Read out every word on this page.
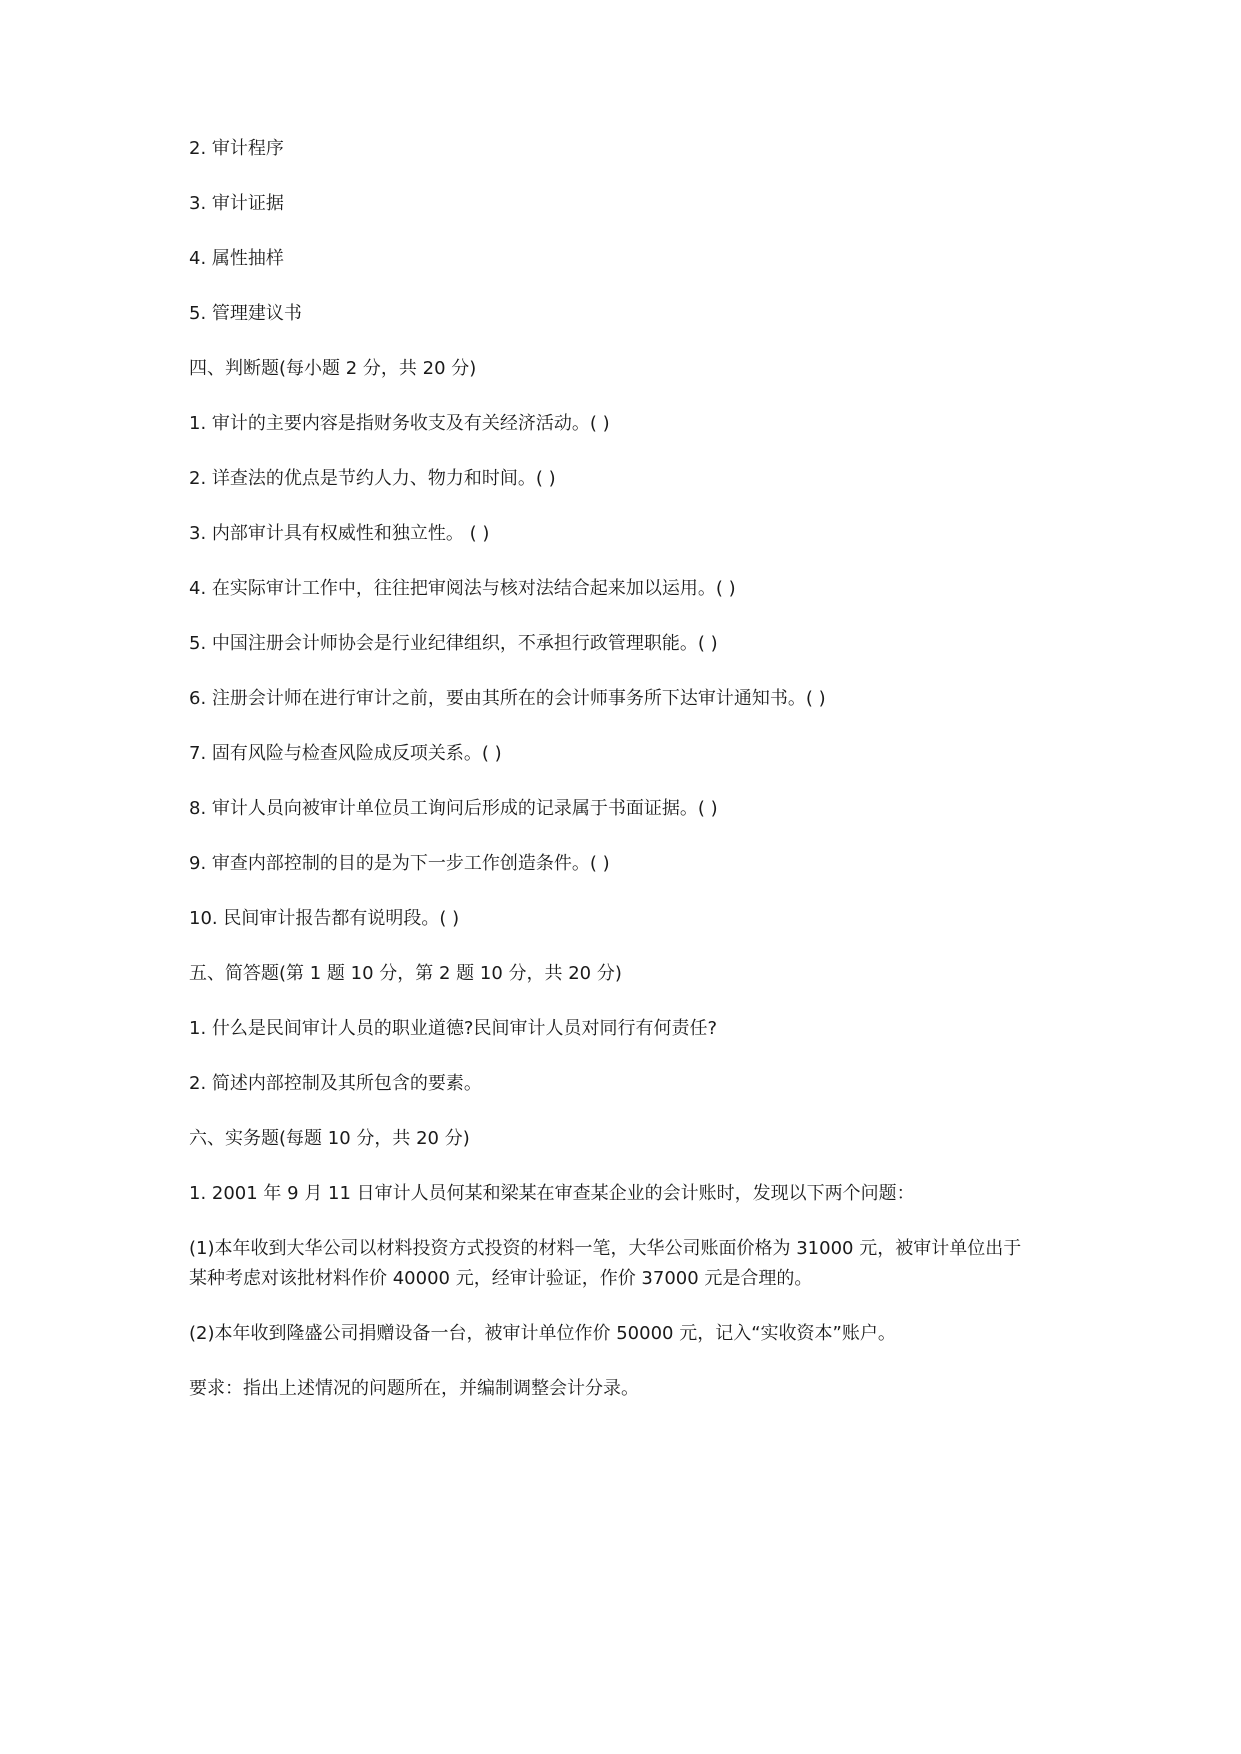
2. 审计程序

3. 审计证据

4. 属性抽样

5. 管理建议书

四、判断题(每小题 2 分，共 20 分)

1. 审计的主要内容是指财务收支及有关经济活动。( )

2. 详查法的优点是节约人力、物力和时间。( )

3. 内部审计具有权威性和独立性。 ( )

4. 在实际审计工作中，往往把审阅法与核对法结合起来加以运用。( )

5. 中国注册会计师协会是行业纪律组织，不承担行政管理职能。( )

6. 注册会计师在进行审计之前，要由其所在的会计师事务所下达审计通知书。( )

7. 固有风险与检查风险成反项关系。( )

8. 审计人员向被审计单位员工询问后形成的记录属于书面证据。( )

9. 审查内部控制的目的是为下一步工作创造条件。( )

10. 民间审计报告都有说明段。( )

五、简答题(第 1 题 10 分，第 2 题 10 分，共 20 分)

1. 什么是民间审计人员的职业道德?民间审计人员对同行有何责任?

2. 简述内部控制及其所包含的要素。

六、实务题(每题 10 分，共 20 分)

1. 2001 年 9 月 11 日审计人员何某和梁某在审查某企业的会计账时，发现以下两个问题：

(1)本年收到大华公司以材料投资方式投资的材料一笔，大华公司账面价格为 31000 元，被审计单位出于

某种考虑对该批材料作价 40000 元，经审计验证，作价 37000 元是合理的。

(2)本年收到隆盛公司捐赠设备一台，被审计单位作价 50000 元，记入“实收资本”账户。

要求：指出上述情况的问题所在，并编制调整会计分录。
